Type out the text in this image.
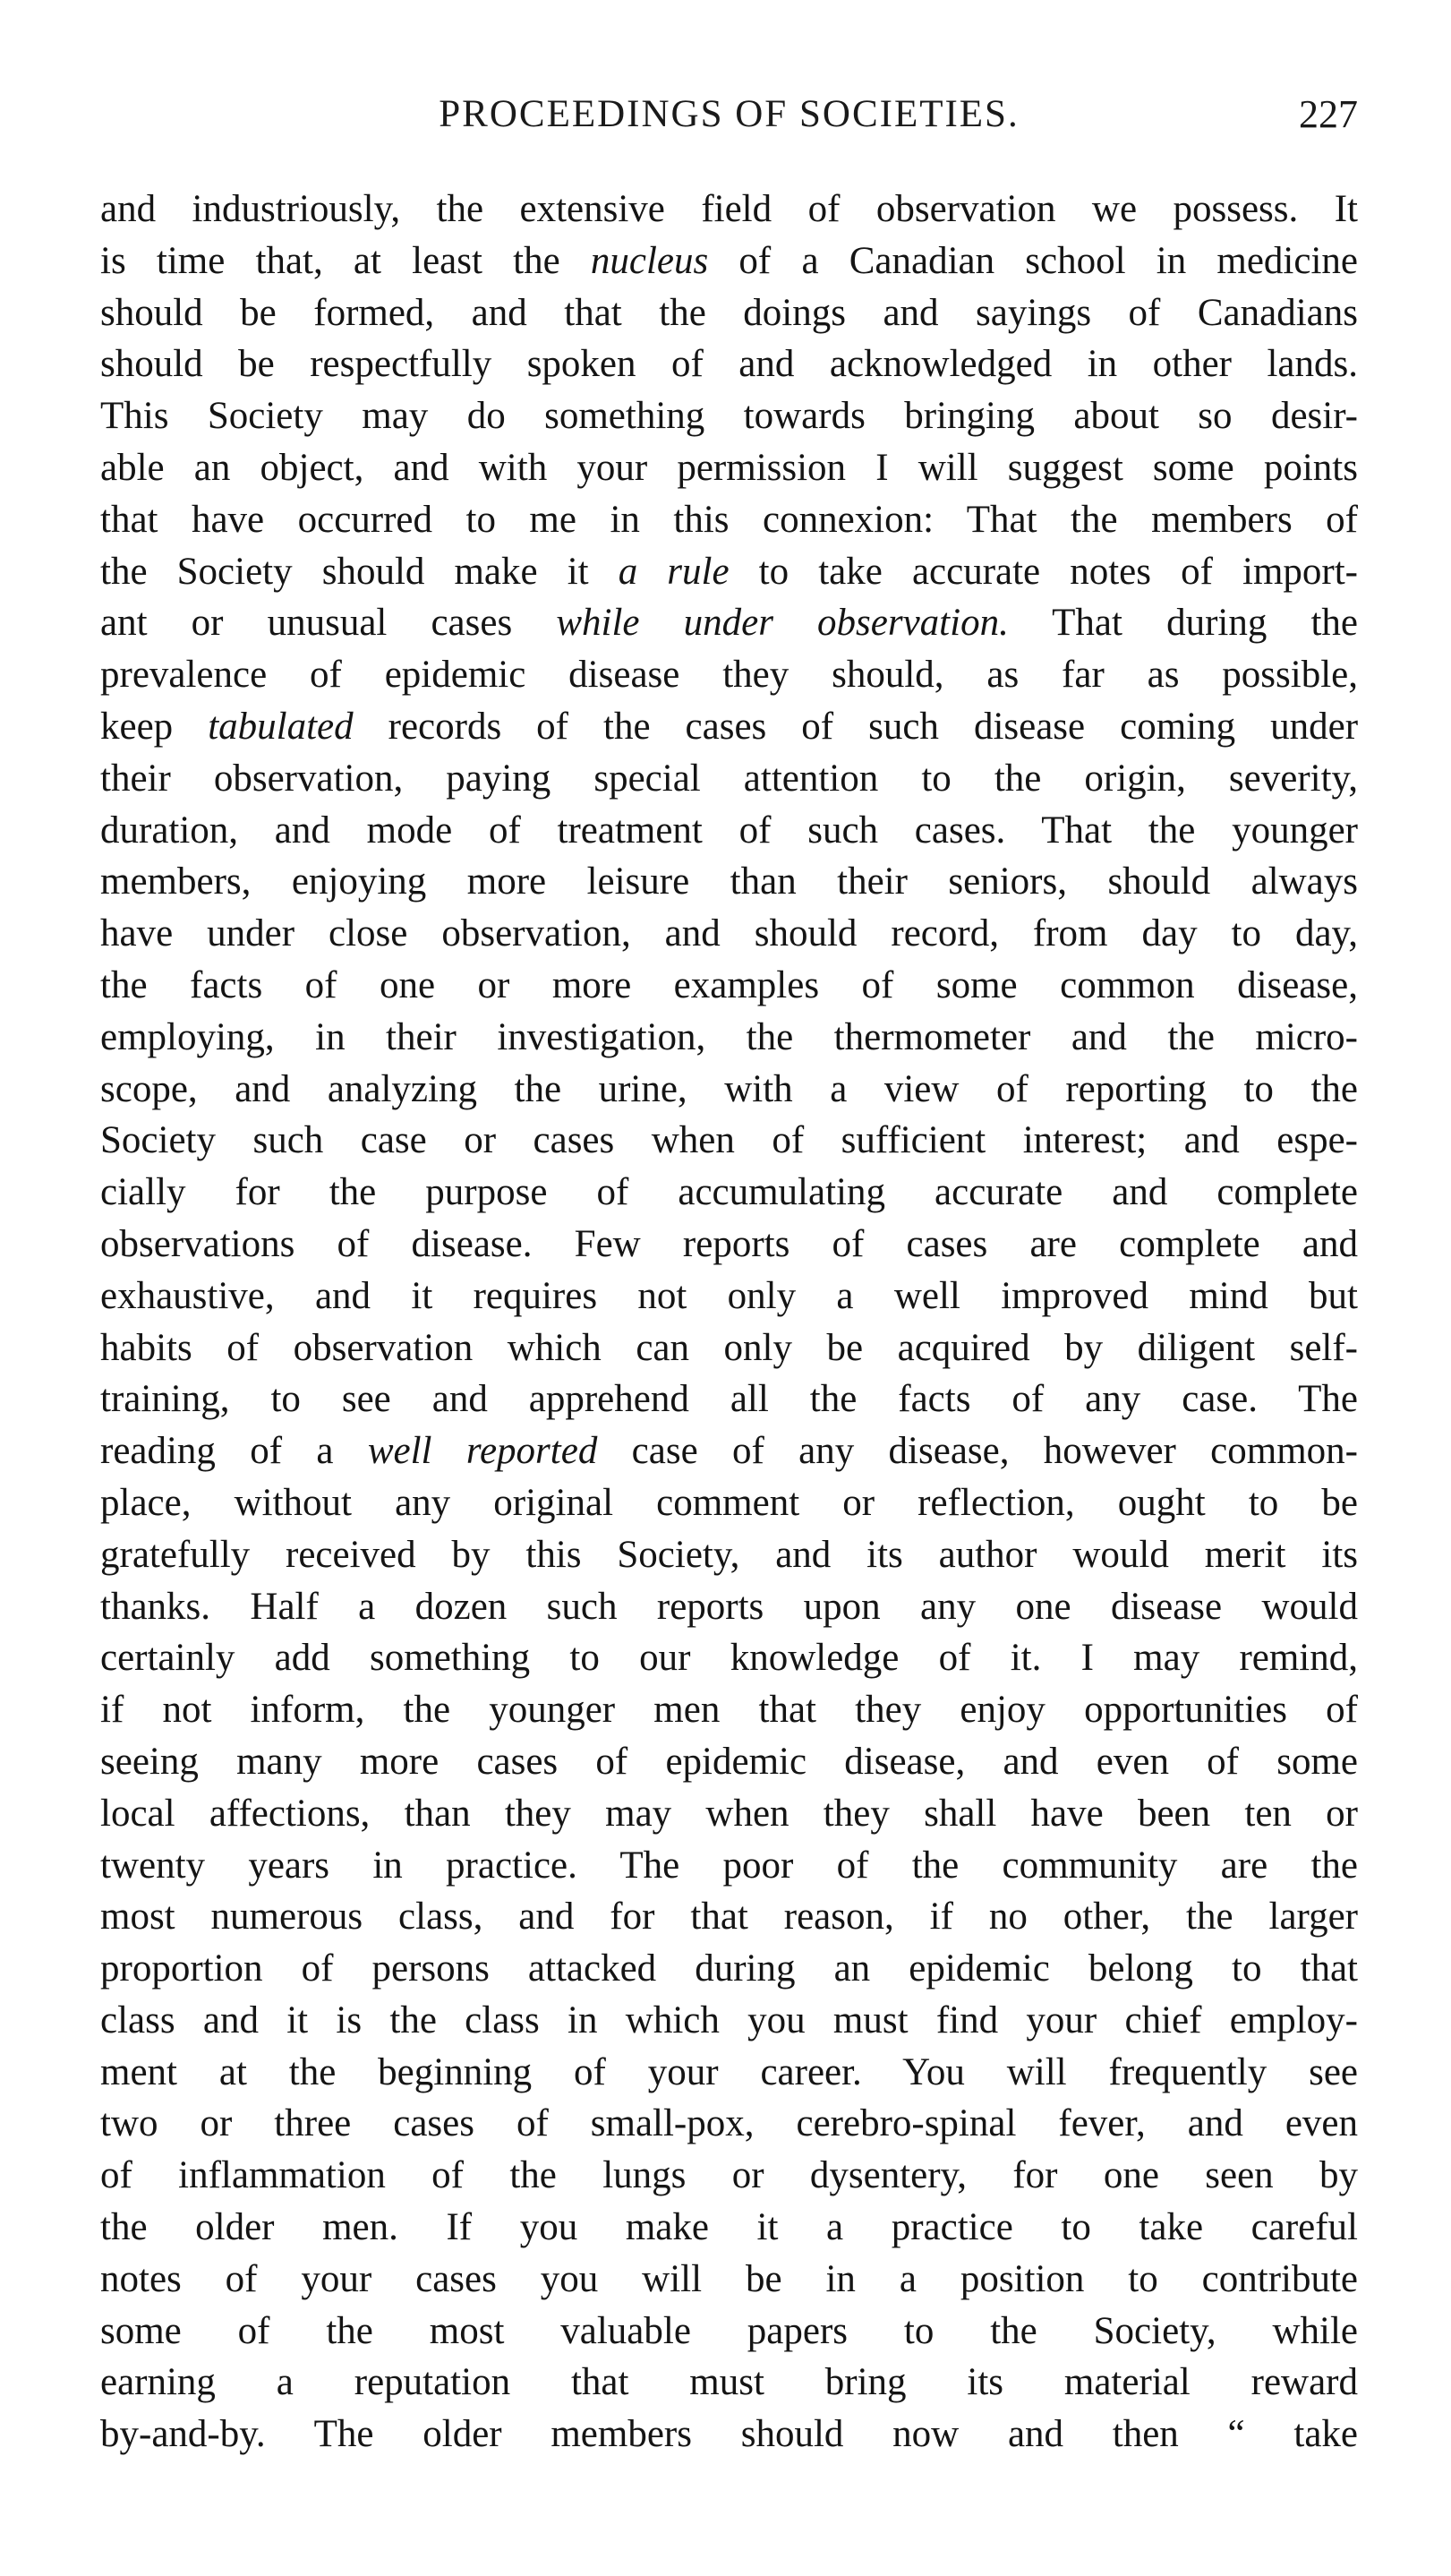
PROCEEDINGS OF SOCIETIES.	227
and industriously, the extensive field of observation we possess. It
is time that, at least the nucleus of a Canadian school in medicine
should be formed, and that the doings and sayings of Canadians
should be respectfully spoken of and acknowledged in other lands.
This Society may do something towards bringing about so desir-
able an object, and with your permission I will suggest some points
that have occurred to me in this connexion: That the members of
the Society should make it a rule to take accurate notes of import-
ant or unusual cases while under observation. That during the
prevalence of epidemic disease they should, as far as possible,
keep tabulated records of the cases of such disease coming under
their observation, paying special attention to the origin, severity,
duration, and mode of treatment of such cases. That the younger
members, enjoying more leisure than their seniors, should always
have under close observation, and should record, from day to day,
the facts of one or more examples of some common disease,
employing, in their investigation, the thermometer and the micro-
scope, and analyzing the urine, with a view of reporting to the
Society such case or cases when of sufficient interest; and espe-
cially for the purpose of accumulating accurate and complete
observations of disease. Few reports of cases are complete and
exhaustive, and it requires not only a well improved mind but
habits of observation which can only be acquired by diligent self-
training, to see and apprehend all the facts of any case. The
reading of a well reported case of any disease, however common-
place, without any original comment or reflection, ought to be
gratefully received by this Society, and its author would merit its
thanks. Half a dozen such reports upon any one disease would
certainly add something to our knowledge of it. I may remind,
if not inform, the younger men that they enjoy opportunities of
seeing many more cases of epidemic disease, and even of some
local affections, than they may when they shall have been ten or
twenty years in practice. The poor of the community are the
most numerous class, and for that reason, if no other, the larger
proportion of persons attacked during an epidemic belong to that
class and it is the class in which you must find your chief employ-
ment at the beginning of your career. You will frequently see
two or three cases of small-pox, cerebro-spinal fever, and even
of inflammation of the lungs or dysentery, for one seen by
the older men. If you make it a practice to take careful
notes of your cases you will be in a position to contribute
some of the most valuable papers to the Society, while
earning a reputation that must bring its material reward
by-and-by. The older members should now and then “ take
